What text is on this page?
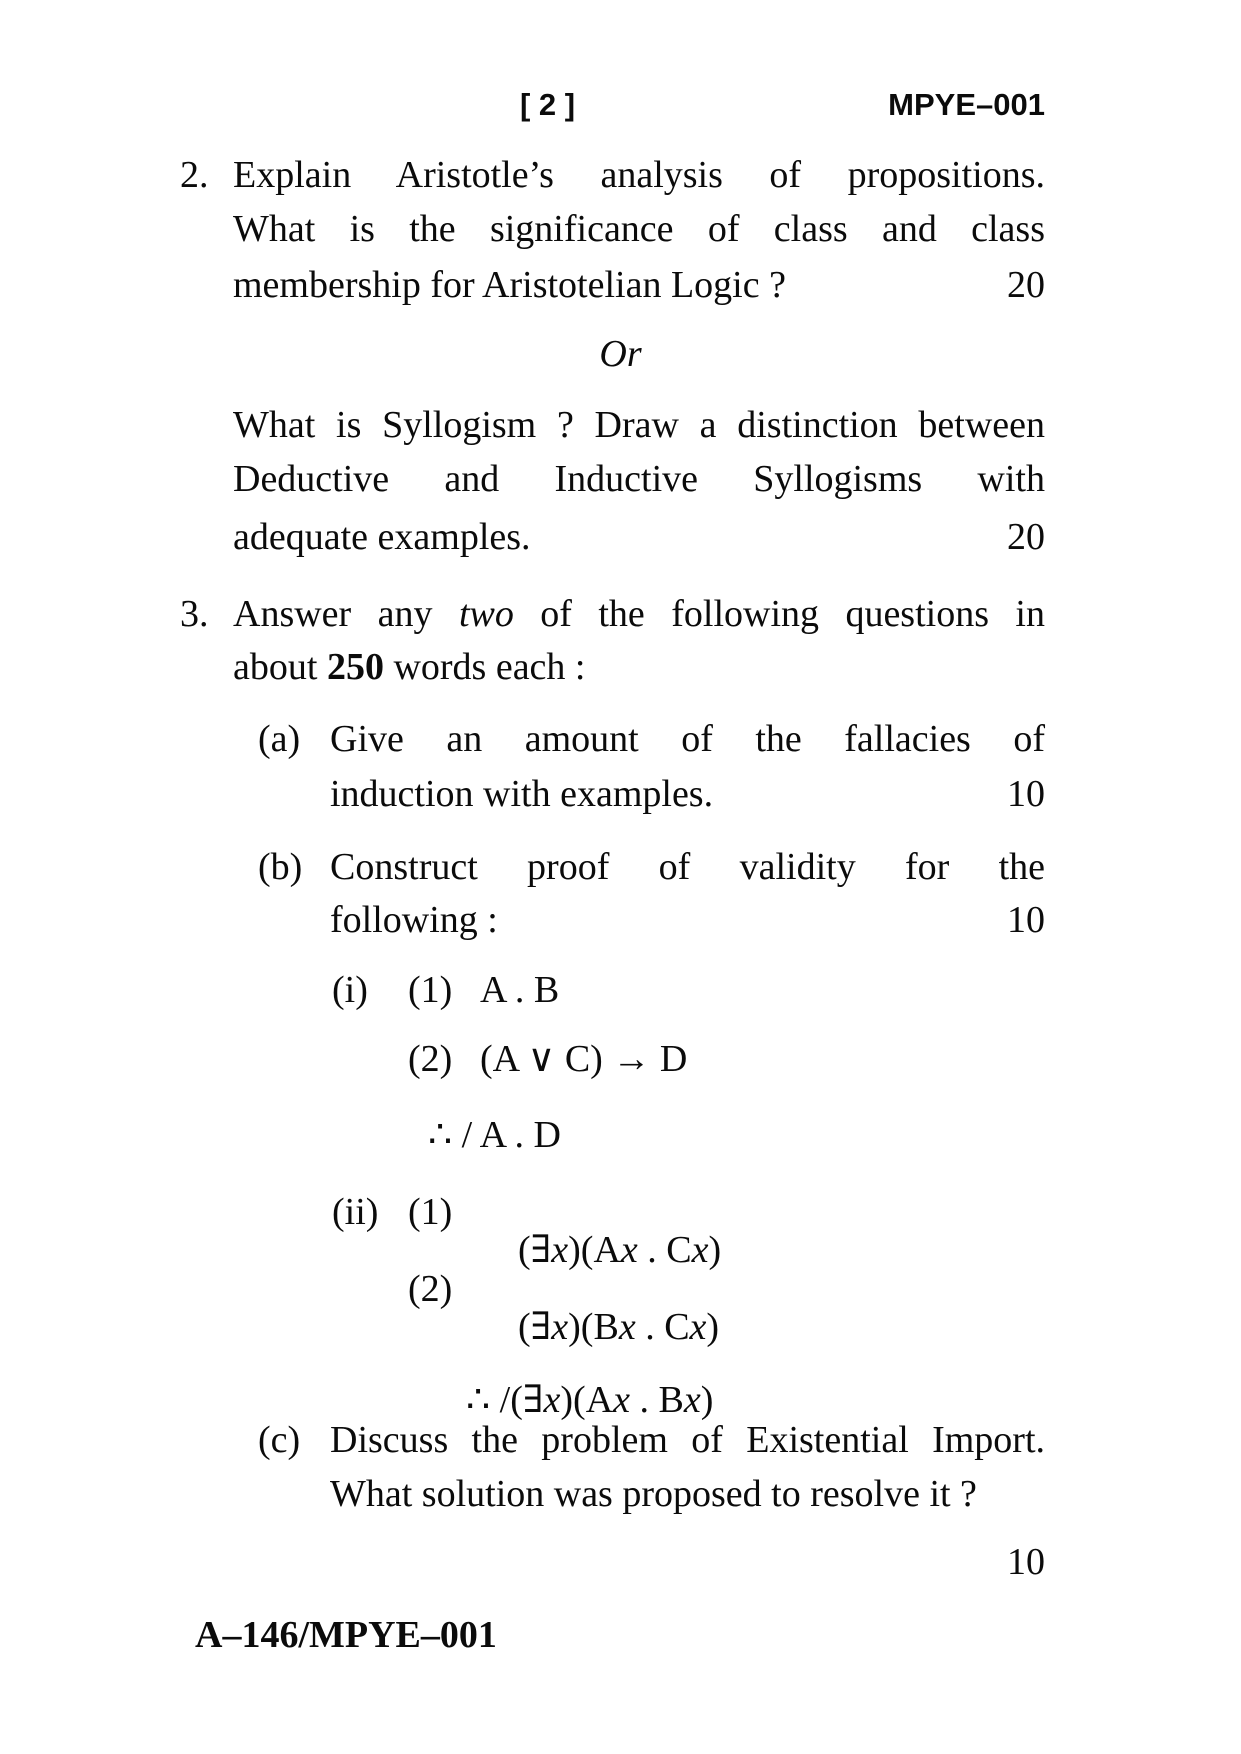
[ 2 ]	MPYE–001
2. Explain Aristotle’s analysis of propositions.
What is the significance of class and class
membership for Aristotelian Logic ?	20
Or
What is Syllogism ? Draw a distinction between
Deductive and Inductive Syllogisms with
adequate examples.	20
3. Answer any two of the following questions in
about 250 words each :
(a) Give an amount of the fallacies of
induction with examples.	10
(b) Construct proof of validity for the
following :	10
(i) (1) A . B
(2) (A ∨ C) → D
∴ / A . D
(ii) (1)

(∃x)(Ax . Cx)

(2)

(∃x)(Bx . Cx)

∴ /(∃x)(Ax . Bx)

(c) Discuss the problem of Existential Import.
What solution was proposed to resolve it ?
10
A–146/MPYE–001
